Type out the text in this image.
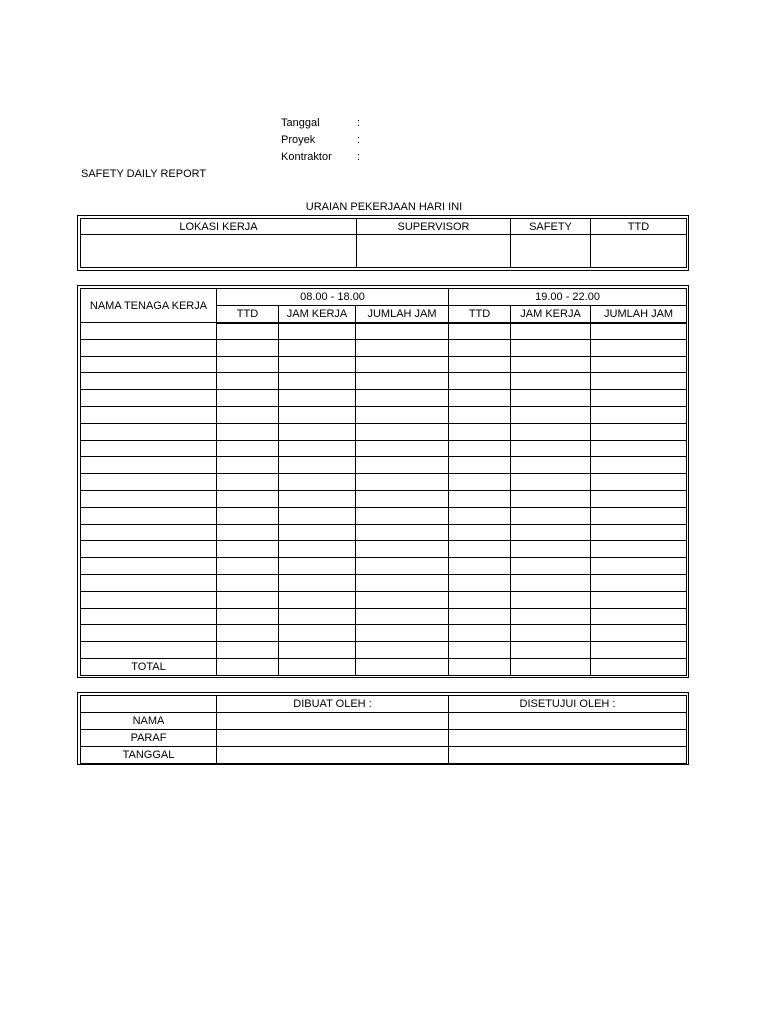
Tanggal	:
Proyek	:
Kontraktor :
SAFETY DAILY REPORT
URAIAN PEKERJAAN HARI INI
LOKASI KERJA	SUPERVISOR	SAFETY	TTD

NAMA TENAGA KERJA	08.00 - 18.00			19.00 - 22.00		
	TTD	JAM KERJA	JUMLAH JAM	TTD	JAM KERJA	JUMLAH JAM

TOTAL						
	DIBUAT OLEH :	DISETUJUI OLEH :
NAMA		
PARAF		
TANGGAL		
